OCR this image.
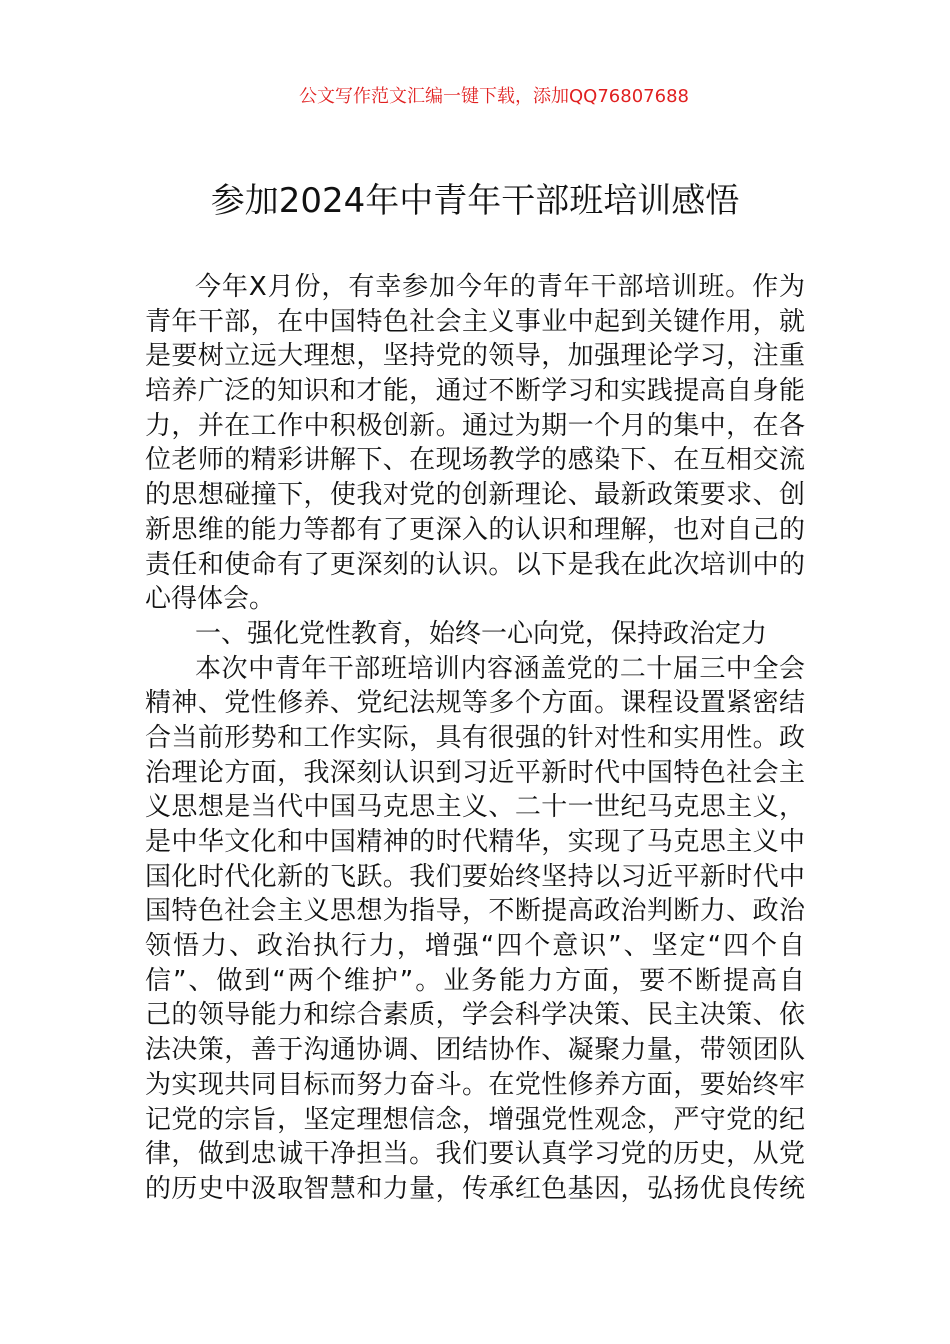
公文写作范文汇编一键下载，添加QQ76807688
参加2024年中青年干部班培训感悟
今年X月份，有幸参加今年的青年干部培训班。作为
青年干部，在中国特色社会主义事业中起到关键作用，就
是要树立远大理想，坚持党的领导，加强理论学习，注重
培养广泛的知识和才能，通过不断学习和实践提高自身能
力，并在工作中积极创新。通过为期一个月的集中，在各
位老师的精彩讲解下、在现场教学的感染下、在互相交流
的思想碰撞下，使我对党的创新理论、最新政策要求、创
新思维的能力等都有了更深入的认识和理解，也对自己的
责任和使命有了更深刻的认识。以下是我在此次培训中的
心得体会。
一、强化党性教育，始终一心向党，保持政治定力
本次中青年干部班培训内容涵盖党的二十届三中全会
精神、党性修养、党纪法规等多个方面。课程设置紧密结
合当前形势和工作实际，具有很强的针对性和实用性。政
治理论方面，我深刻认识到习近平新时代中国特色社会主
义思想是当代中国马克思主义、二十一世纪马克思主义，
是中华文化和中国精神的时代精华，实现了马克思主义中
国化时代化新的飞跃。我们要始终坚持以习近平新时代中
国特色社会主义思想为指导，不断提高政治判断力、政治
领悟力、政治执行力，增强“四个意识”、坚定“四个自
信”、做到“两个维护”。业务能力方面，要不断提高自
己的领导能力和综合素质，学会科学决策、民主决策、依
法决策，善于沟通协调、团结协作、凝聚力量，带领团队
为实现共同目标而努力奋斗。在党性修养方面，要始终牢
记党的宗旨，坚定理想信念，增强党性观念，严守党的纪
律，做到忠诚干净担当。我们要认真学习党的历史，从党
的历史中汲取智慧和力量，传承红色基因，弘扬优良传统
